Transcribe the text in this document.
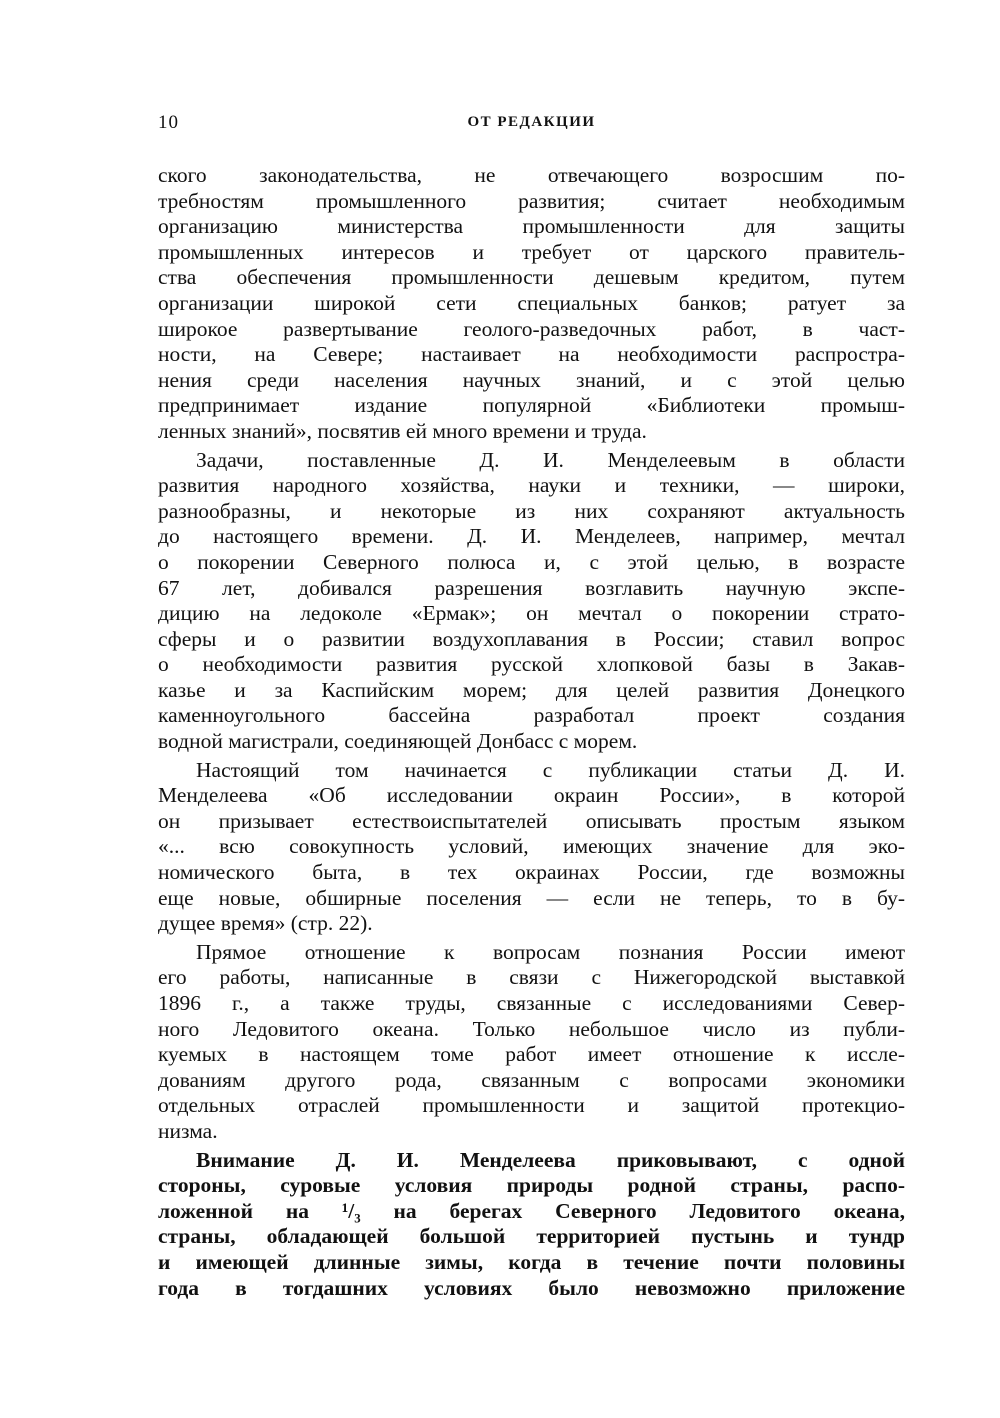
10	ОТ РЕДАКЦИИ
ского законодательства, не отвечающего возросшим по-
требностям промышленного развития; считает необходимым
организацию министерства промышленности для защиты
промышленных интересов и требует от царского правитель-
ства обеспечения промышленности дешевым кредитом, путем
организации широкой сети специальных банков; ратует за
широкое развертывание геолого-разведочных работ, в част-
ности, на Севере; настаивает на необходимости распростра-
нения среди населения научных знаний, и с этой целью
предпринимает издание популярной «Библиотеки промыш-
ленных знаний», посвятив ей много времени и труда.
Задачи, поставленные Д. И. Менделеевым в области
развития народного хозяйства, науки и техники, — широки,
разнообразны, и некоторые из них сохраняют актуальность
до настоящего времени. Д. И. Менделеев, например, мечтал
о покорении Северного полюса и, с этой целью, в возрасте
67 лет, добивался разрешения возглавить научную экспе-
дицию на ледоколе «Ермак»; он мечтал о покорении страто-
сферы и о развитии воздухоплавания в России; ставил вопрос
о необходимости развития русской хлопковой базы в Закав-
казье и за Каспийским морем; для целей развития Донецкого
каменноугольного бассейна разработал проект создания
водной магистрали, соединяющей Донбасс с морем.
Настоящий том начинается с публикации статьи Д. И.
Менделеева «Об исследовании окраин России», в которой
он призывает естествоиспытателей описывать простым языком
«... всю совокупность условий, имеющих значение для эко-
номического быта, в тех окраинах России, где возможны
еще новые, обширные поселения — если не теперь, то в бу-
дущее время» (стр. 22).
Прямое отношение к вопросам познания России имеют
его работы, написанные в связи с Нижегородской выставкой
1896 г., а также труды, связанные с исследованиями Север-
ного Ледовитого океана. Только небольшое число из публи-
куемых в настоящем томе работ имеет отношение к иссле-
дованиям другого рода, связанным с вопросами экономики
отдельных отраслей промышленности и защитой протекцио-
низма.
Внимание Д. И. Менделеева приковывают, с одной
стороны, суровые условия природы родной страны, распо-
ложенной на ¹/₃ на берегах Северного Ледовитого океана,
страны, обладающей большой территорией пустынь и тундр
и имеющей длинные зимы, когда в течение почти половины
года в тогдашних условиях было невозможно приложение
